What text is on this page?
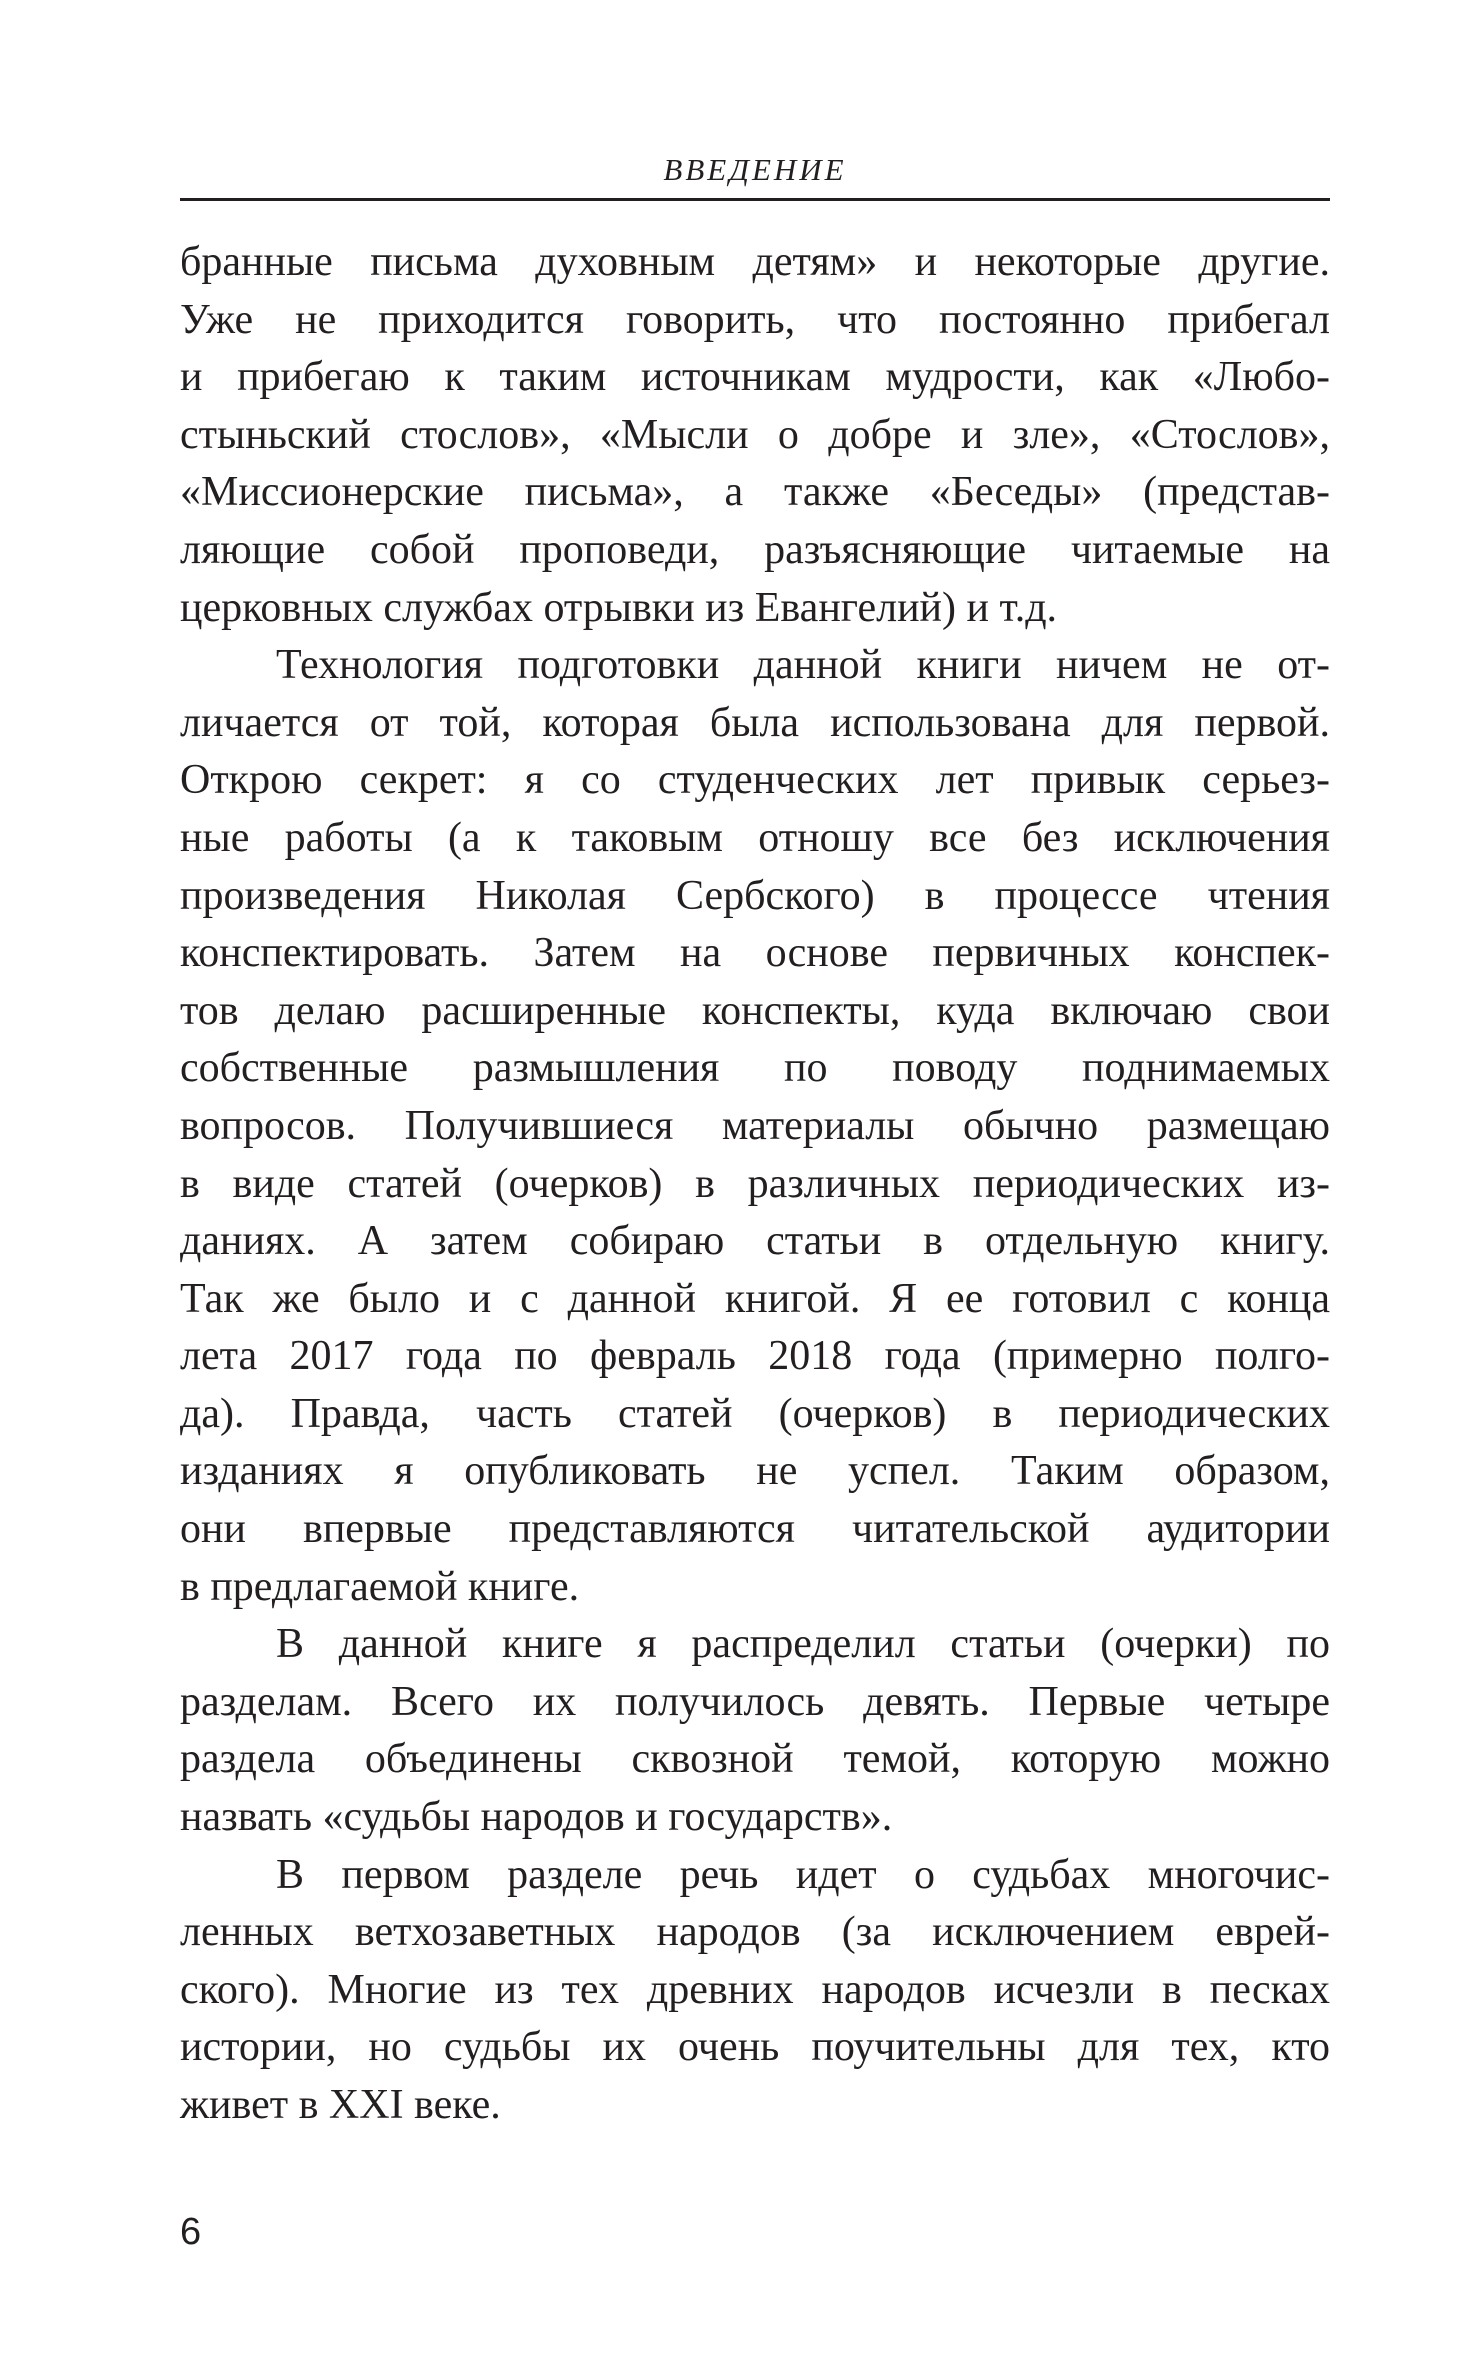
ВВЕДЕНИЕ
бранные письма духовным детям» и некоторые другие.
Уже не приходится говорить, что постоянно прибегал
и прибегаю к таким источникам мудрости, как «Любо-
стыньский стослов», «Мысли о добре и зле», «Стослов»,
«Миссионерские письма», а также «Беседы» (представ-
ляющие собой проповеди, разъясняющие читаемые на
церковных службах отрывки из Евангелий) и т.д.
Технология подготовки данной книги ничем не от-
личается от той, которая была использована для первой.
Открою секрет: я со студенческих лет привык серьез-
ные работы (а к таковым отношу все без исключения
произведения Николая Сербского) в процессе чтения
конспектировать. Затем на основе первичных конспек-
тов делаю расширенные конспекты, куда включаю свои
собственные размышления по поводу поднимаемых
вопросов. Получившиеся материалы обычно размещаю
в виде статей (очерков) в различных периодических из-
даниях. А затем собираю статьи в отдельную книгу.
Так же было и с данной книгой. Я ее готовил с конца
лета 2017 года по февраль 2018 года (примерно полго-
да). Правда, часть статей (очерков) в периодических
изданиях я опубликовать не успел. Таким образом,
они впервые представляются читательской аудитории
в предлагаемой книге.
В данной книге я распределил статьи (очерки) по
разделам. Всего их получилось девять. Первые четыре
раздела объединены сквозной темой, которую можно
назвать «судьбы народов и государств».
В первом разделе речь идет о судьбах многочис-
ленных ветхозаветных народов (за исключением еврей-
ского). Многие из тех древних народов исчезли в песках
истории, но судьбы их очень поучительны для тех, кто
живет в XXI веке.
6
